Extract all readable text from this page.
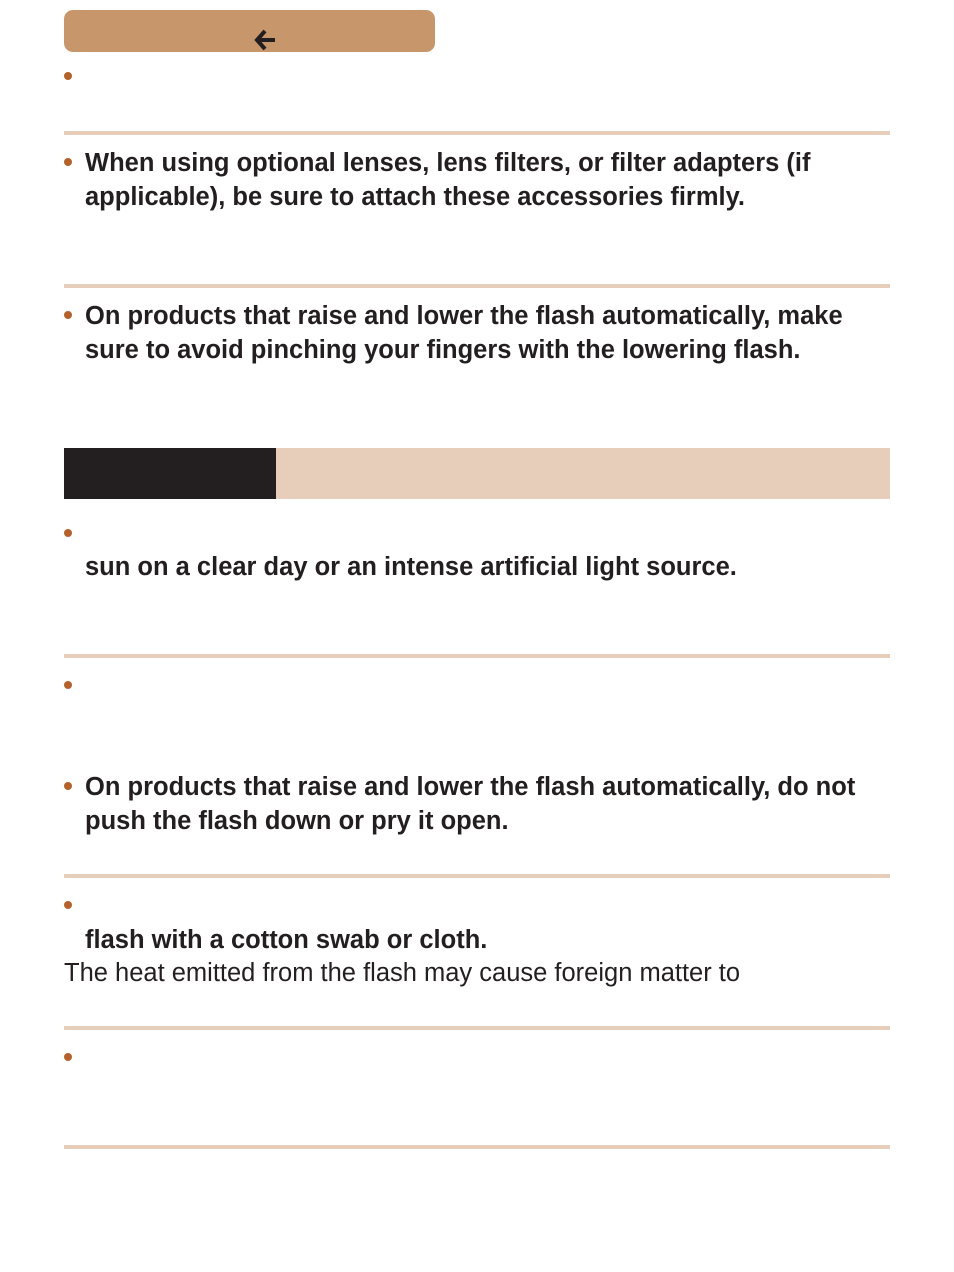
When using optional lenses, lens filters, or filter adapters (if applicable), be sure to attach these accessories firmly.

On products that raise and lower the flash automatically, make sure to avoid pinching your fingers with the lowering flash.

sun on a clear day or an intense artificial light source.

On products that raise and lower the flash automatically, do not push the flash down or pry it open.

flash with a cotton swab or cloth.

The heat emitted from the flash may cause foreign matter to
